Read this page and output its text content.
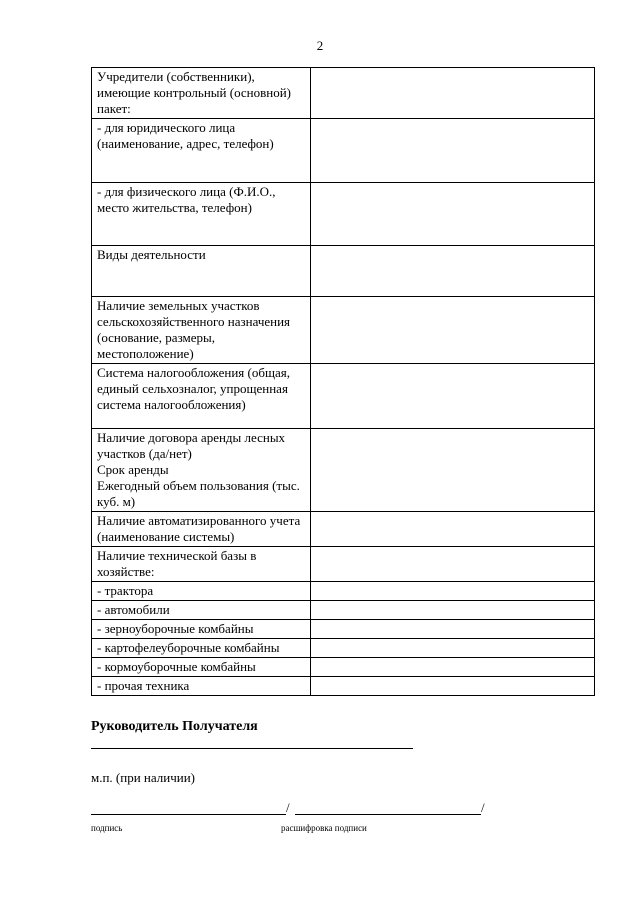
2
Учредители (собственники), имеющие контрольный (основной) пакет:	
- для юридического лица (наименование, адрес, телефон)	
- для физического лица (Ф.И.О., место жительства, телефон)	
Виды деятельности	
Наличие земельных участков сельскохозяйственного назначения (основание, размеры, местоположение)	
Система налогообложения (общая, единый сельхозналог, упрощенная система налогообложения)	
Наличие договора аренды лесных участков (да/нет)
Срок аренды
Ежегодный объем пользования (тыс. куб. м)	
Наличие автоматизированного учета (наименование системы)	
Наличие технической базы в хозяйстве:	
- трактора	
- автомобили	
- зерноуборочные комбайны	
- картофелеуборочные комбайны	
- кормоуборочные комбайны	
- прочая техника	
Руководитель Получателя
м.п. (при наличии)
/	/
подпись	расшифровка подписи
